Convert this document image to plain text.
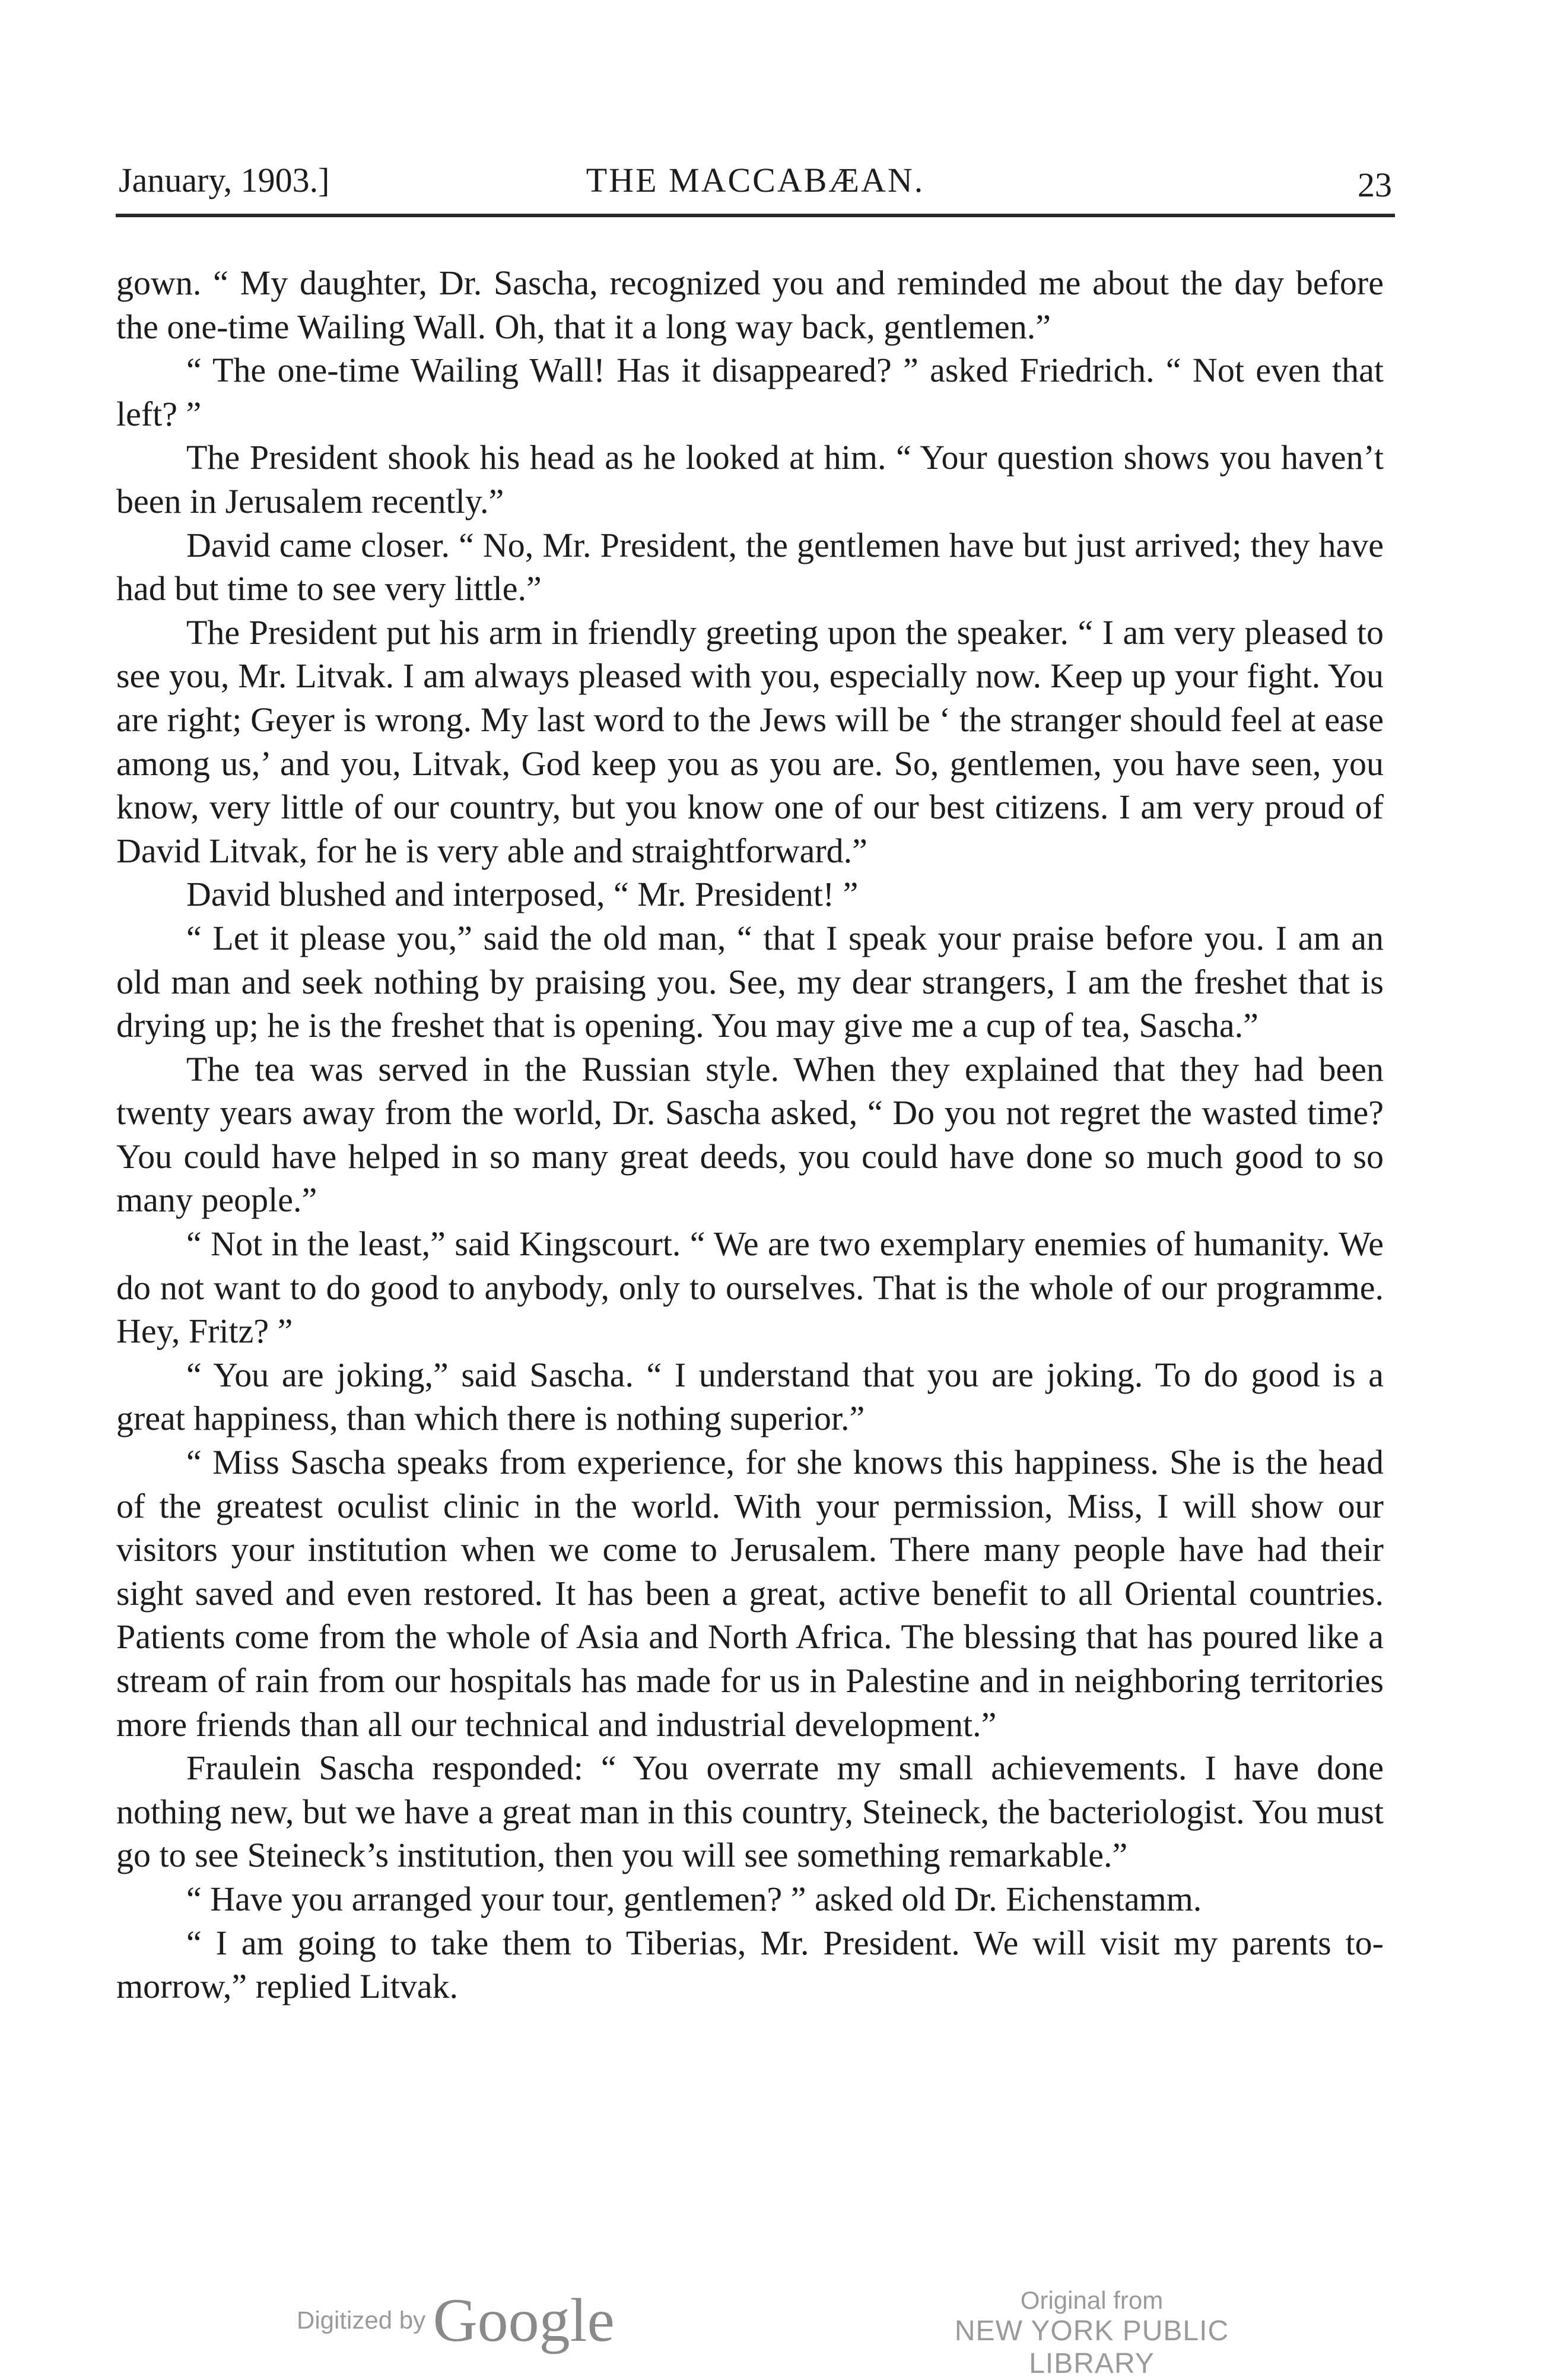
January, 1903.]	THE MACCABÆAN.	23

gown. “ My daughter, Dr. Sascha, recognized you and reminded me about the day before the one-time Wailing Wall. Oh, that it a long way back, gentlemen.”

“ The one-time Wailing Wall! Has it disappeared? ” asked Friedrich. “ Not even that left? ”

The President shook his head as he looked at him. “ Your question shows you haven’t been in Jerusalem recently.”

David came closer. “ No, Mr. President, the gentlemen have but just arrived; they have had but time to see very little.”

The President put his arm in friendly greeting upon the speaker. “ I am very pleased to see you, Mr. Litvak. I am always pleased with you, especially now. Keep up your fight. You are right; Geyer is wrong. My last word to the Jews will be ‘ the stranger should feel at ease among us,’ and you, Litvak, God keep you as you are. So, gentlemen, you have seen, you know, very little of our country, but you know one of our best citizens. I am very proud of David Litvak, for he is very able and straightforward.”

David blushed and interposed, “ Mr. President! ”

“ Let it please you,” said the old man, “ that I speak your praise before you. I am an old man and seek nothing by praising you. See, my dear strangers, I am the freshet that is drying up; he is the freshet that is opening. You may give me a cup of tea, Sascha.”

The tea was served in the Russian style. When they explained that they had been twenty years away from the world, Dr. Sascha asked, “ Do you not regret the wasted time? You could have helped in so many great deeds, you could have done so much good to so many people.”

“ Not in the least,” said Kingscourt. “ We are two exemplary enemies of humanity. We do not want to do good to anybody, only to ourselves. That is the whole of our programme. Hey, Fritz? ”

“ You are joking,” said Sascha. “ I understand that you are joking. To do good is a great happiness, than which there is nothing superior.”

“ Miss Sascha speaks from experience, for she knows this happiness. She is the head of the greatest oculist clinic in the world. With your permission, Miss, I will show our visitors your institution when we come to Jerusalem. There many people have had their sight saved and even restored. It has been a great, active benefit to all Oriental countries. Patients come from the whole of Asia and North Africa. The blessing that has poured like a stream of rain from our hospitals has made for us in Palestine and in neighboring territories more friends than all our technical and industrial development.”

Fraulein Sascha responded: “ You overrate my small achievements. I have done nothing new, but we have a great man in this country, Steineck, the bacteriologist. You must go to see Steineck’s institution, then you will see something remarkable.”

“ Have you arranged your tour, gentlemen? ” asked old Dr. Eichenstamm.

“ I am going to take them to Tiberias, Mr. President. We will visit my parents to-morrow,” replied Litvak.

Digitized by Google	Original from
NEW YORK PUBLIC LIBRARY
